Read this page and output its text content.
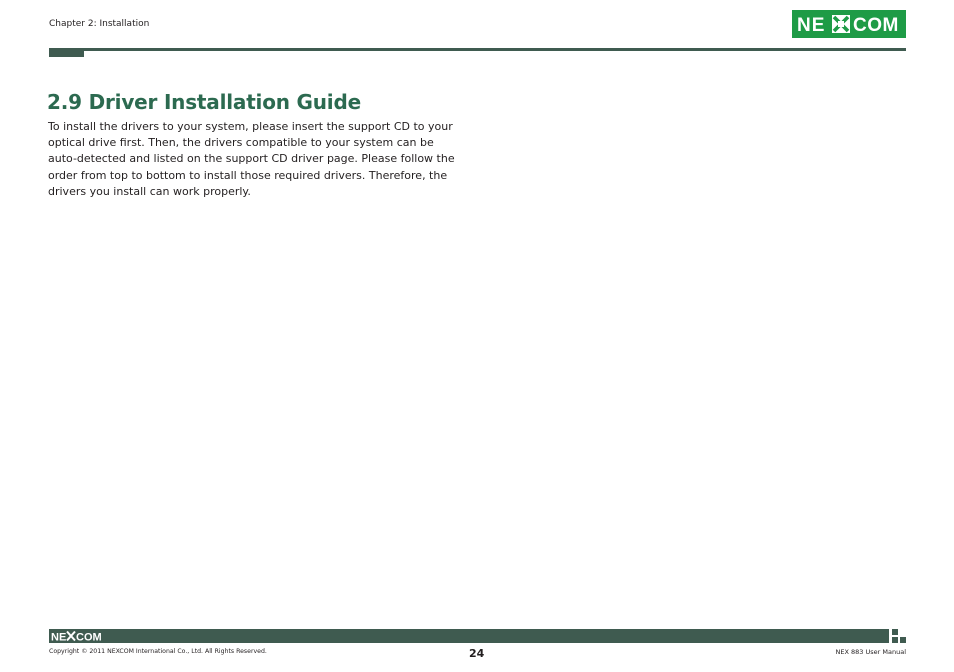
Chapter 2: Installation	NE COM
2.9 Driver Installation Guide

To install the drivers to your system, please insert the support CD to your optical drive first. Then, the drivers compatible to your system can be auto-detected and listed on the support CD driver page. Please follow the order from top to bottom to install those required drivers. Therefore, the drivers you install can work properly.

NE COM
Copyright © 2011 NEXCOM International Co., Ltd. All Rights Reserved.	24	NEX 883 User Manual
